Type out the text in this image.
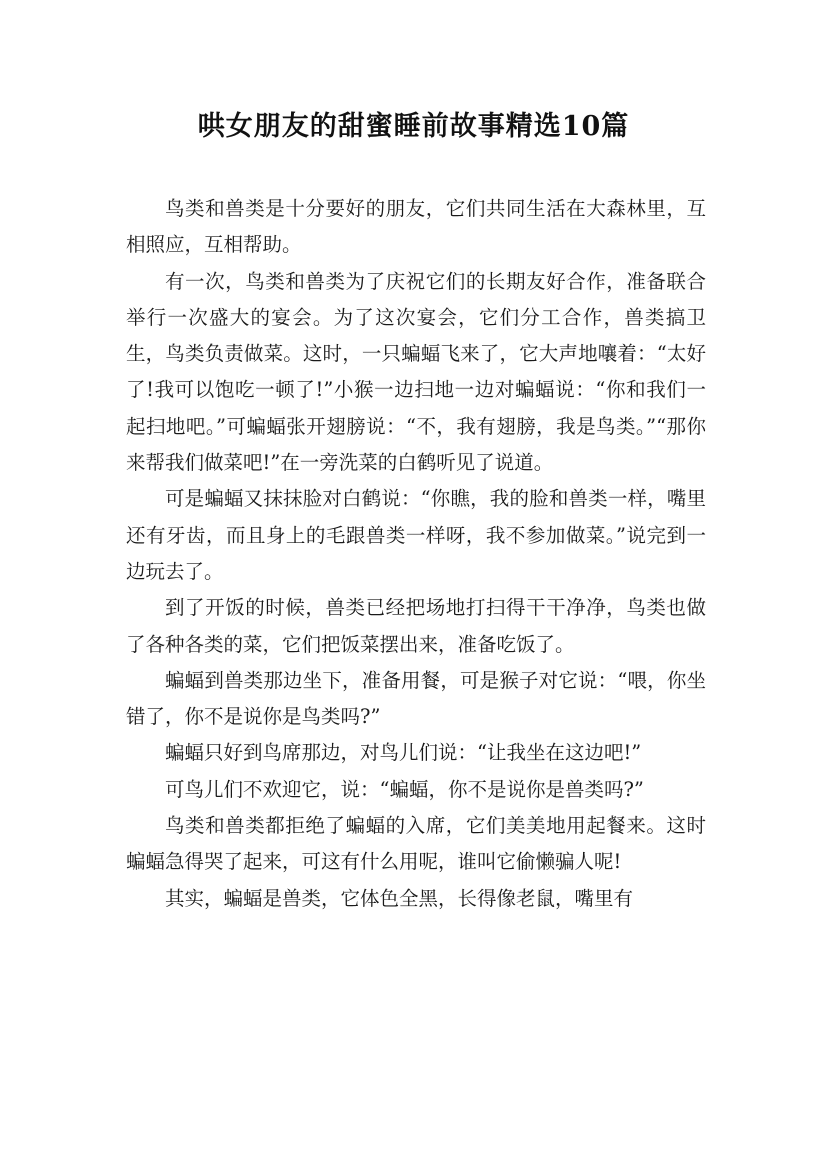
哄女朋友的甜蜜睡前故事精选10篇

鸟类和兽类是十分要好的朋友，它们共同生活在大森林里，互相照应，互相帮助。

有一次，鸟类和兽类为了庆祝它们的长期友好合作，准备联合举行一次盛大的宴会。为了这次宴会，它们分工合作，兽类搞卫生，鸟类负责做菜。这时，一只蝙蝠飞来了，它大声地嚷着：“太好了!我可以饱吃一顿了!”小猴一边扫地一边对蝙蝠说：“你和我们一起扫地吧。”可蝙蝠张开翅膀说：“不，我有翅膀，我是鸟类。”“那你来帮我们做菜吧!”在一旁洗菜的白鹤听见了说道。

可是蝙蝠又抹抹脸对白鹤说：“你瞧，我的脸和兽类一样，嘴里还有牙齿，而且身上的毛跟兽类一样呀，我不参加做菜。”说完到一边玩去了。

到了开饭的时候，兽类已经把场地打扫得干干净净，鸟类也做了各种各类的菜，它们把饭菜摆出来，准备吃饭了。

蝙蝠到兽类那边坐下，准备用餐，可是猴子对它说：“喂，你坐错了，你不是说你是鸟类吗?”

蝙蝠只好到鸟席那边，对鸟儿们说：“让我坐在这边吧!”

可鸟儿们不欢迎它，说：“蝙蝠，你不是说你是兽类吗?”

鸟类和兽类都拒绝了蝙蝠的入席，它们美美地用起餐来。这时蝙蝠急得哭了起来，可这有什么用呢，谁叫它偷懒骗人呢!

其实，蝙蝠是兽类，它体色全黑，长得像老鼠，嘴里有
